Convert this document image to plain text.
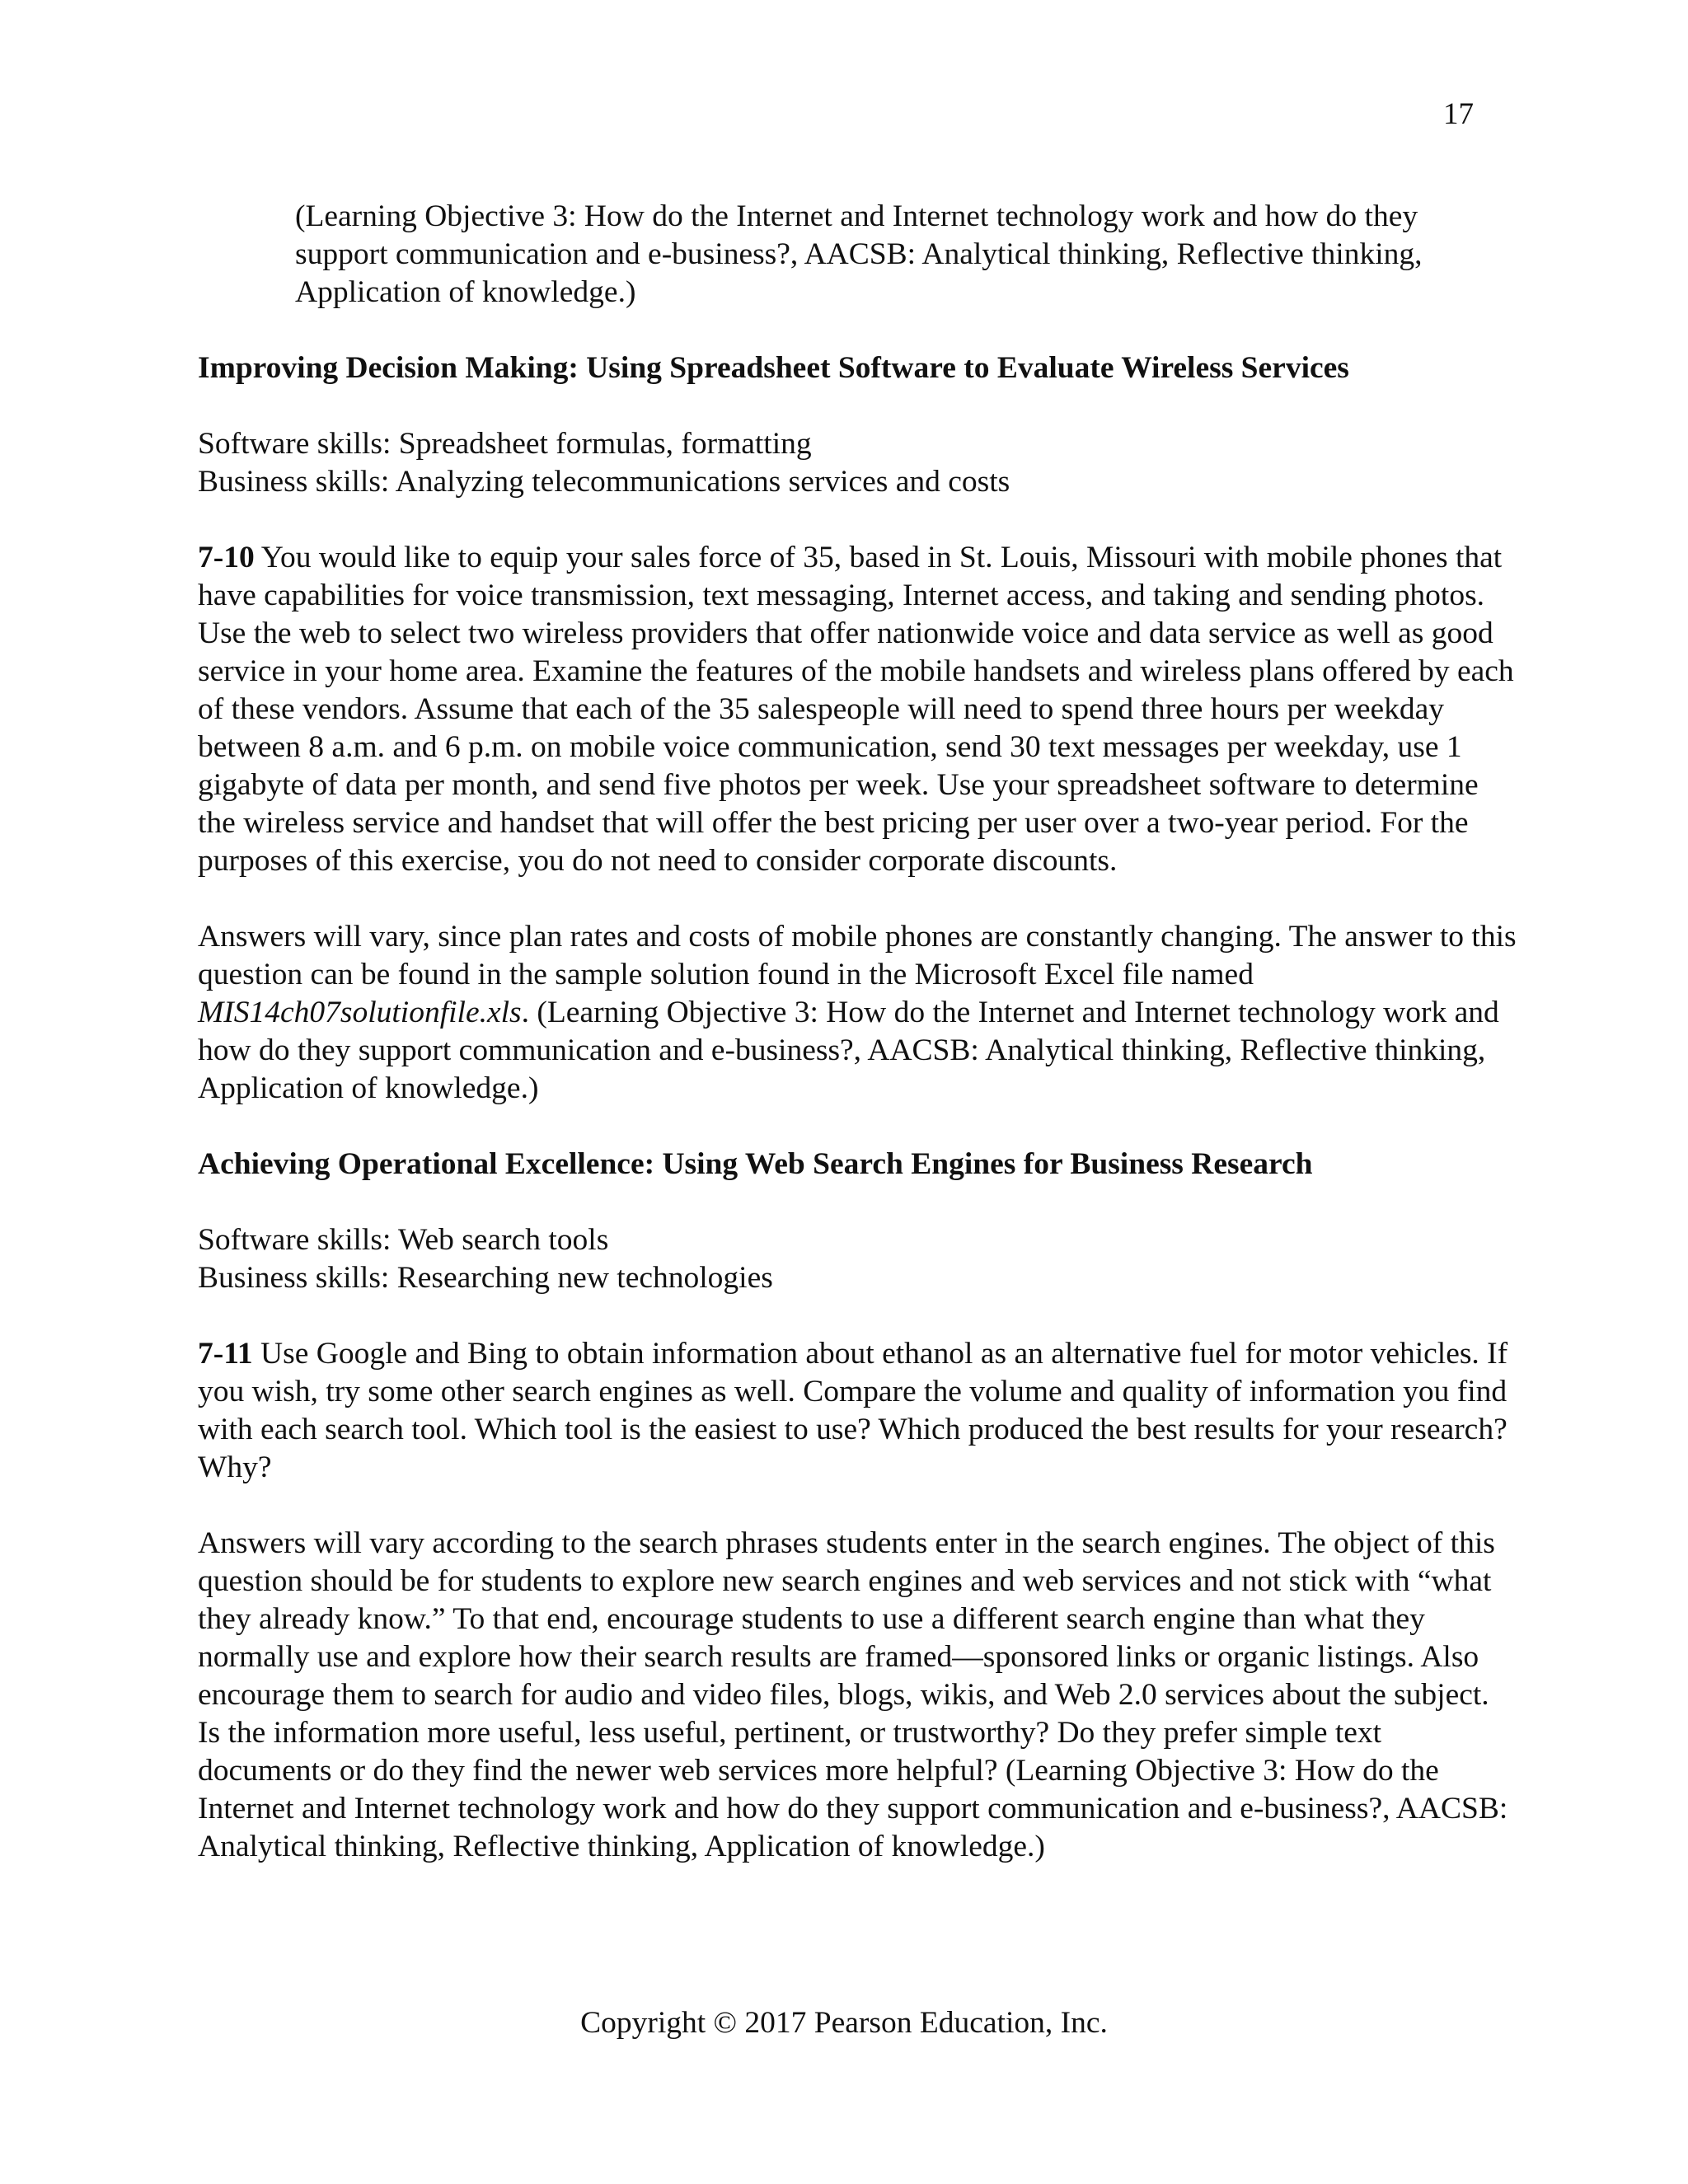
17

(Learning Objective 3: How do the Internet and Internet technology work and how do they support communication and e-business?, AACSB: Analytical thinking, Reflective thinking, Application of knowledge.)

Improving Decision Making: Using Spreadsheet Software to Evaluate Wireless Services

Software skills: Spreadsheet formulas, formatting
Business skills: Analyzing telecommunications services and costs

7-10 You would like to equip your sales force of 35, based in St. Louis, Missouri with mobile phones that have capabilities for voice transmission, text messaging, Internet access, and taking and sending photos. Use the web to select two wireless providers that offer nationwide voice and data service as well as good service in your home area. Examine the features of the mobile handsets and wireless plans offered by each of these vendors. Assume that each of the 35 salespeople will need to spend three hours per weekday between 8 a.m. and 6 p.m. on mobile voice communication, send 30 text messages per weekday, use 1 gigabyte of data per month, and send five photos per week. Use your spreadsheet software to determine the wireless service and handset that will offer the best pricing per user over a two-year period. For the purposes of this exercise, you do not need to consider corporate discounts.

Answers will vary, since plan rates and costs of mobile phones are constantly changing. The answer to this question can be found in the sample solution found in the Microsoft Excel file named MIS14ch07solutionfile.xls. (Learning Objective 3: How do the Internet and Internet technology work and how do they support communication and e-business?, AACSB: Analytical thinking, Reflective thinking, Application of knowledge.)

Achieving Operational Excellence: Using Web Search Engines for Business Research

Software skills: Web search tools
Business skills: Researching new technologies

7-11 Use Google and Bing to obtain information about ethanol as an alternative fuel for motor vehicles. If you wish, try some other search engines as well. Compare the volume and quality of information you find with each search tool. Which tool is the easiest to use? Which produced the best results for your research? Why?

Answers will vary according to the search phrases students enter in the search engines. The object of this question should be for students to explore new search engines and web services and not stick with “what they already know.” To that end, encourage students to use a different search engine than what they normally use and explore how their search results are framed—sponsored links or organic listings. Also encourage them to search for audio and video files, blogs, wikis, and Web 2.0 services about the subject. Is the information more useful, less useful, pertinent, or trustworthy? Do they prefer simple text documents or do they find the newer web services more helpful? (Learning Objective 3: How do the Internet and Internet technology work and how do they support communication and e-business?, AACSB: Analytical thinking, Reflective thinking, Application of knowledge.)

Copyright © 2017 Pearson Education, Inc.
